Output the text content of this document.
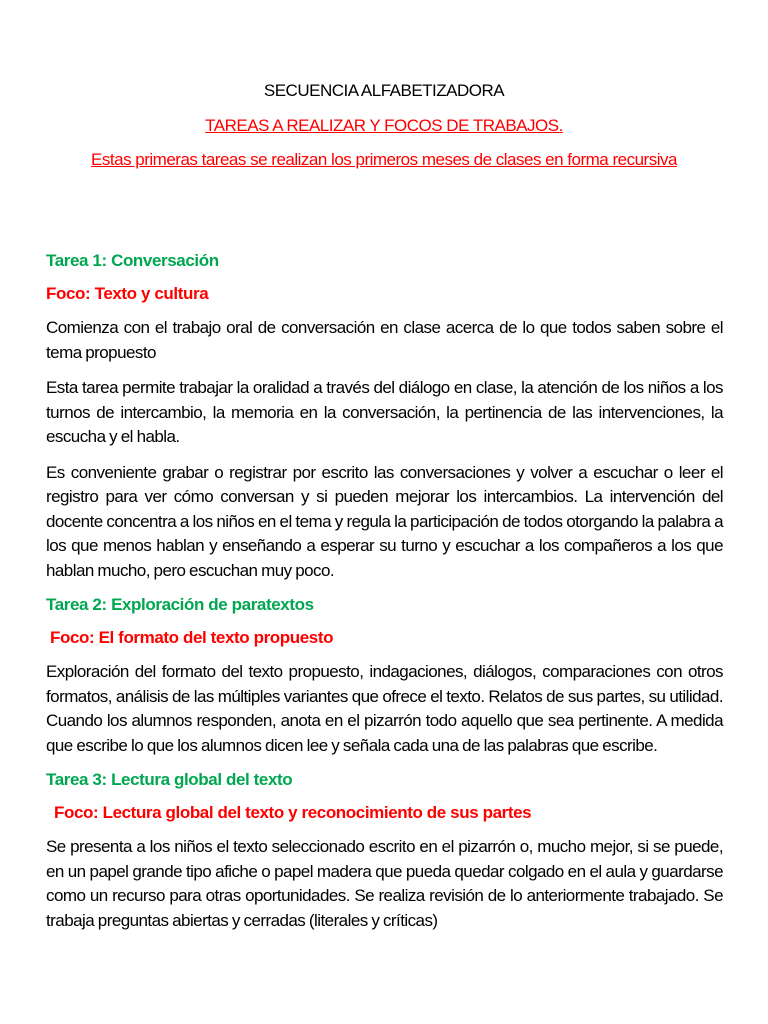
SECUENCIA ALFABETIZADORA
TAREAS A REALIZAR Y FOCOS DE TRABAJOS.
Estas primeras tareas se realizan los primeros meses de clases en forma recursiva

Tarea 1: Conversación

Foco: Texto y cultura

Comienza con el trabajo oral de conversación en clase acerca de lo que todos saben sobre el tema propuesto

Esta tarea permite trabajar la oralidad a través del diálogo en clase, la atención de los niños a los turnos de intercambio, la memoria en la conversación, la pertinencia de las intervenciones, la escucha y el habla.

Es conveniente grabar o registrar por escrito las conversaciones y volver a escuchar o leer el registro para ver cómo conversan y si pueden mejorar los intercambios. La intervención del docente concentra a los niños en el tema y regula la participación de todos otorgando la palabra a los que menos hablan y enseñando a esperar su turno y escuchar a los compañeros a los que hablan mucho, pero escuchan muy poco.

Tarea 2: Exploración de paratextos

Foco: El formato del texto propuesto

Exploración del formato del texto propuesto, indagaciones, diálogos, comparaciones con otros formatos, análisis de las múltiples variantes que ofrece el texto. Relatos de sus partes, su utilidad. Cuando los alumnos responden, anota en el pizarrón todo aquello que sea pertinente. A medida que escribe lo que los alumnos dicen lee y señala cada una de las palabras que escribe.

Tarea 3: Lectura global del texto

Foco: Lectura global del texto y reconocimiento de sus partes

Se presenta a los niños el texto seleccionado escrito en el pizarrón o, mucho mejor, si se puede, en un papel grande tipo afiche o papel madera que pueda quedar colgado en el aula y guardarse como un recurso para otras oportunidades. Se realiza revisión de lo anteriormente trabajado. Se trabaja preguntas abiertas y cerradas (literales y críticas)
